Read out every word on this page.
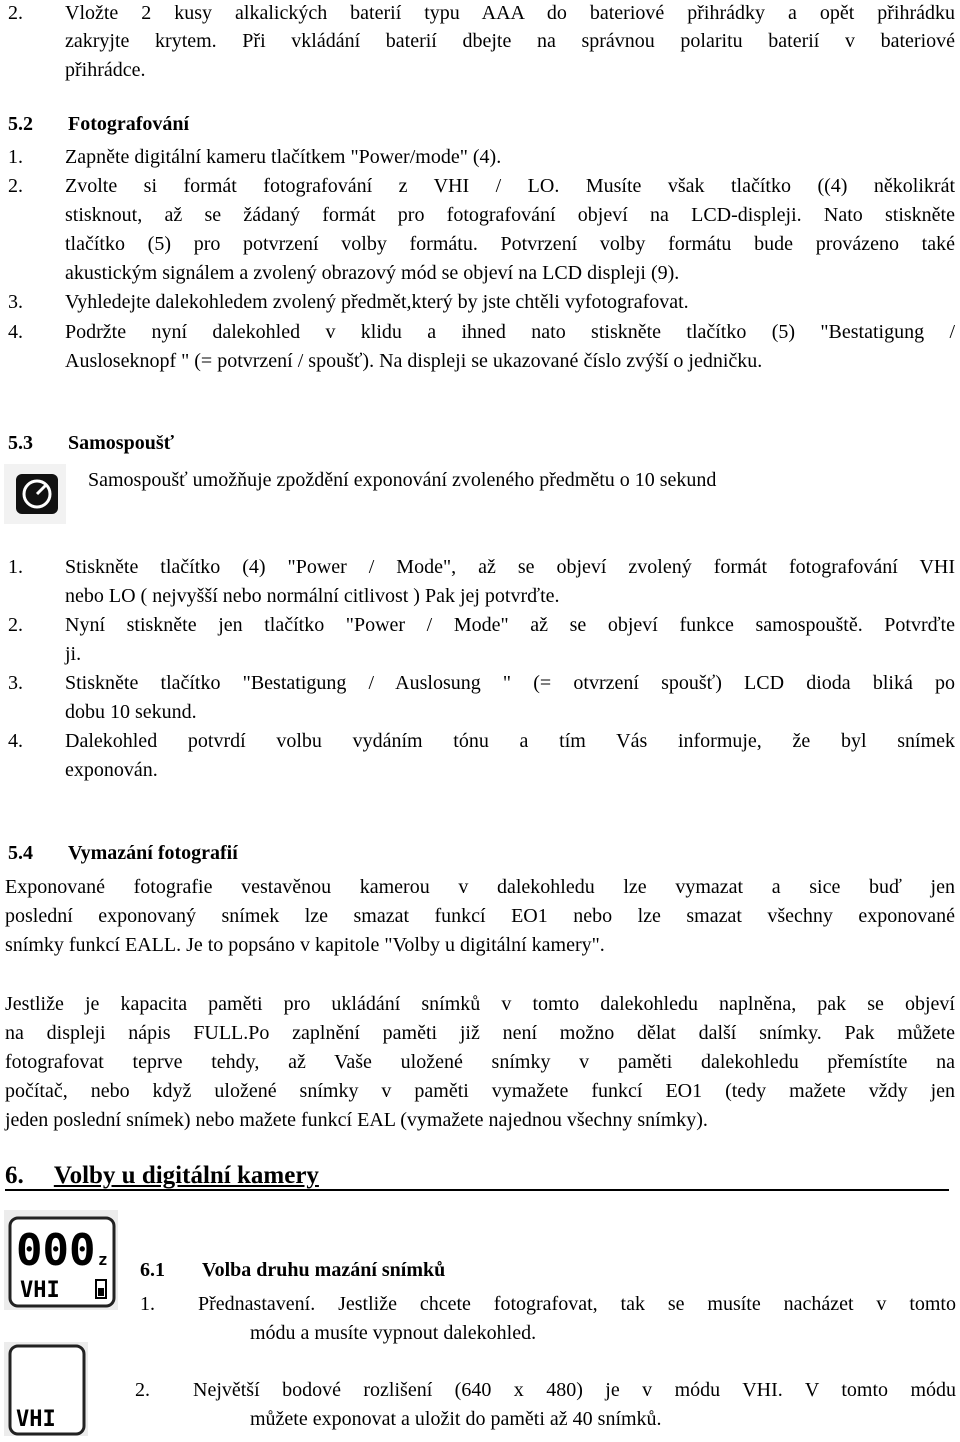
2.	Vložte 2 kusy alkalických baterií typu AAA do bateriové přihrádky a opět přihrádku
zakryjte krytem. Při vkládání baterií dbejte na správnou polaritu baterií v bateriové
přihrádce.
5.2 Fotografování
1.	Zapněte digitální kameru tlačítkem "Power/mode" (4).
2.	Zvolte si formát fotografování z VHI / LO. Musíte však tlačítko ((4) několikrát
stisknout, až se žádaný formát pro fotografování objeví na LCD-displeji. Nato stiskněte
tlačítko (5) pro potvrzení volby formátu. Potvrzení volby formátu bude provázeno také
akustickým signálem a zvolený obrazový mód se objeví na LCD displeji (9).
3.	Vyhledejte dalekohledem zvolený předmět,který by jste chtěli vyfotografovat.
4.	Podržte nyní dalekohled v klidu a ihned nato stiskněte tlačítko (5) "Bestatigung /
Ausloseknopf " (= potvrzení / spoušť). Na displeji se ukazované číslo zvýší o jedničku.
5.3 Samospoušť
Samospoušť umožňuje zpoždění exponování zvoleného předmětu o 10 sekund
1.	Stiskněte tlačítko (4) "Power / Mode", až se objeví zvolený formát fotografování VHI
nebo LO ( nejvyšší nebo normální citlivost ) Pak jej potvrďte.
2.	Nyní stiskněte jen tlačítko "Power / Mode" až se objeví funkce samospouště. Potvrďte
ji.
3.	Stiskněte tlačítko "Bestatigung / Auslosung " (= otvrzení spoušť) LCD dioda bliká po
dobu 10 sekund.
4.	Dalekohled potvrdí volbu vydáním tónu a tím Vás informuje, že byl snímek
exponován.
5.4 Vymazání fotografií
Exponované fotografie vestavěnou kamerou v dalekohledu lze vymazat a sice buď jen
poslední exponovaný snímek lze smazat funkcí EO1 nebo lze smazat všechny exponované
snímky funkcí EALL. Je to popsáno v kapitole "Volby u digitální kamery".
Jestliže je kapacita paměti pro ukládání snímků v tomto dalekohledu naplněna, pak se objeví
na displeji nápis FULL.Po zaplnění paměti již není možno dělat další snímky. Pak můžete
fotografovat teprve tehdy, až Vaše uložené snímky v paměti dalekohledu přemístíte na
počítač, nebo když uložené snímky v paměti vymažete funkcí EO1 (tedy mažete vždy jen
jeden poslední snímek) nebo mažete funkcí EAL (vymažete najednou všechny snímky).
6. Volby u digitální kamery
000 z
VHI
VHI
6.1 Volba druhu mazání snímků
1.	Přednastavení. Jestliže chcete fotografovat, tak se musíte nacházet v tomto
módu a musíte vypnout dalekohled.
2.	Největší bodové rozlišení (640 x 480) je v módu VHI. V tomto módu
můžete exponovat a uložit do paměti až 40 snímků.
